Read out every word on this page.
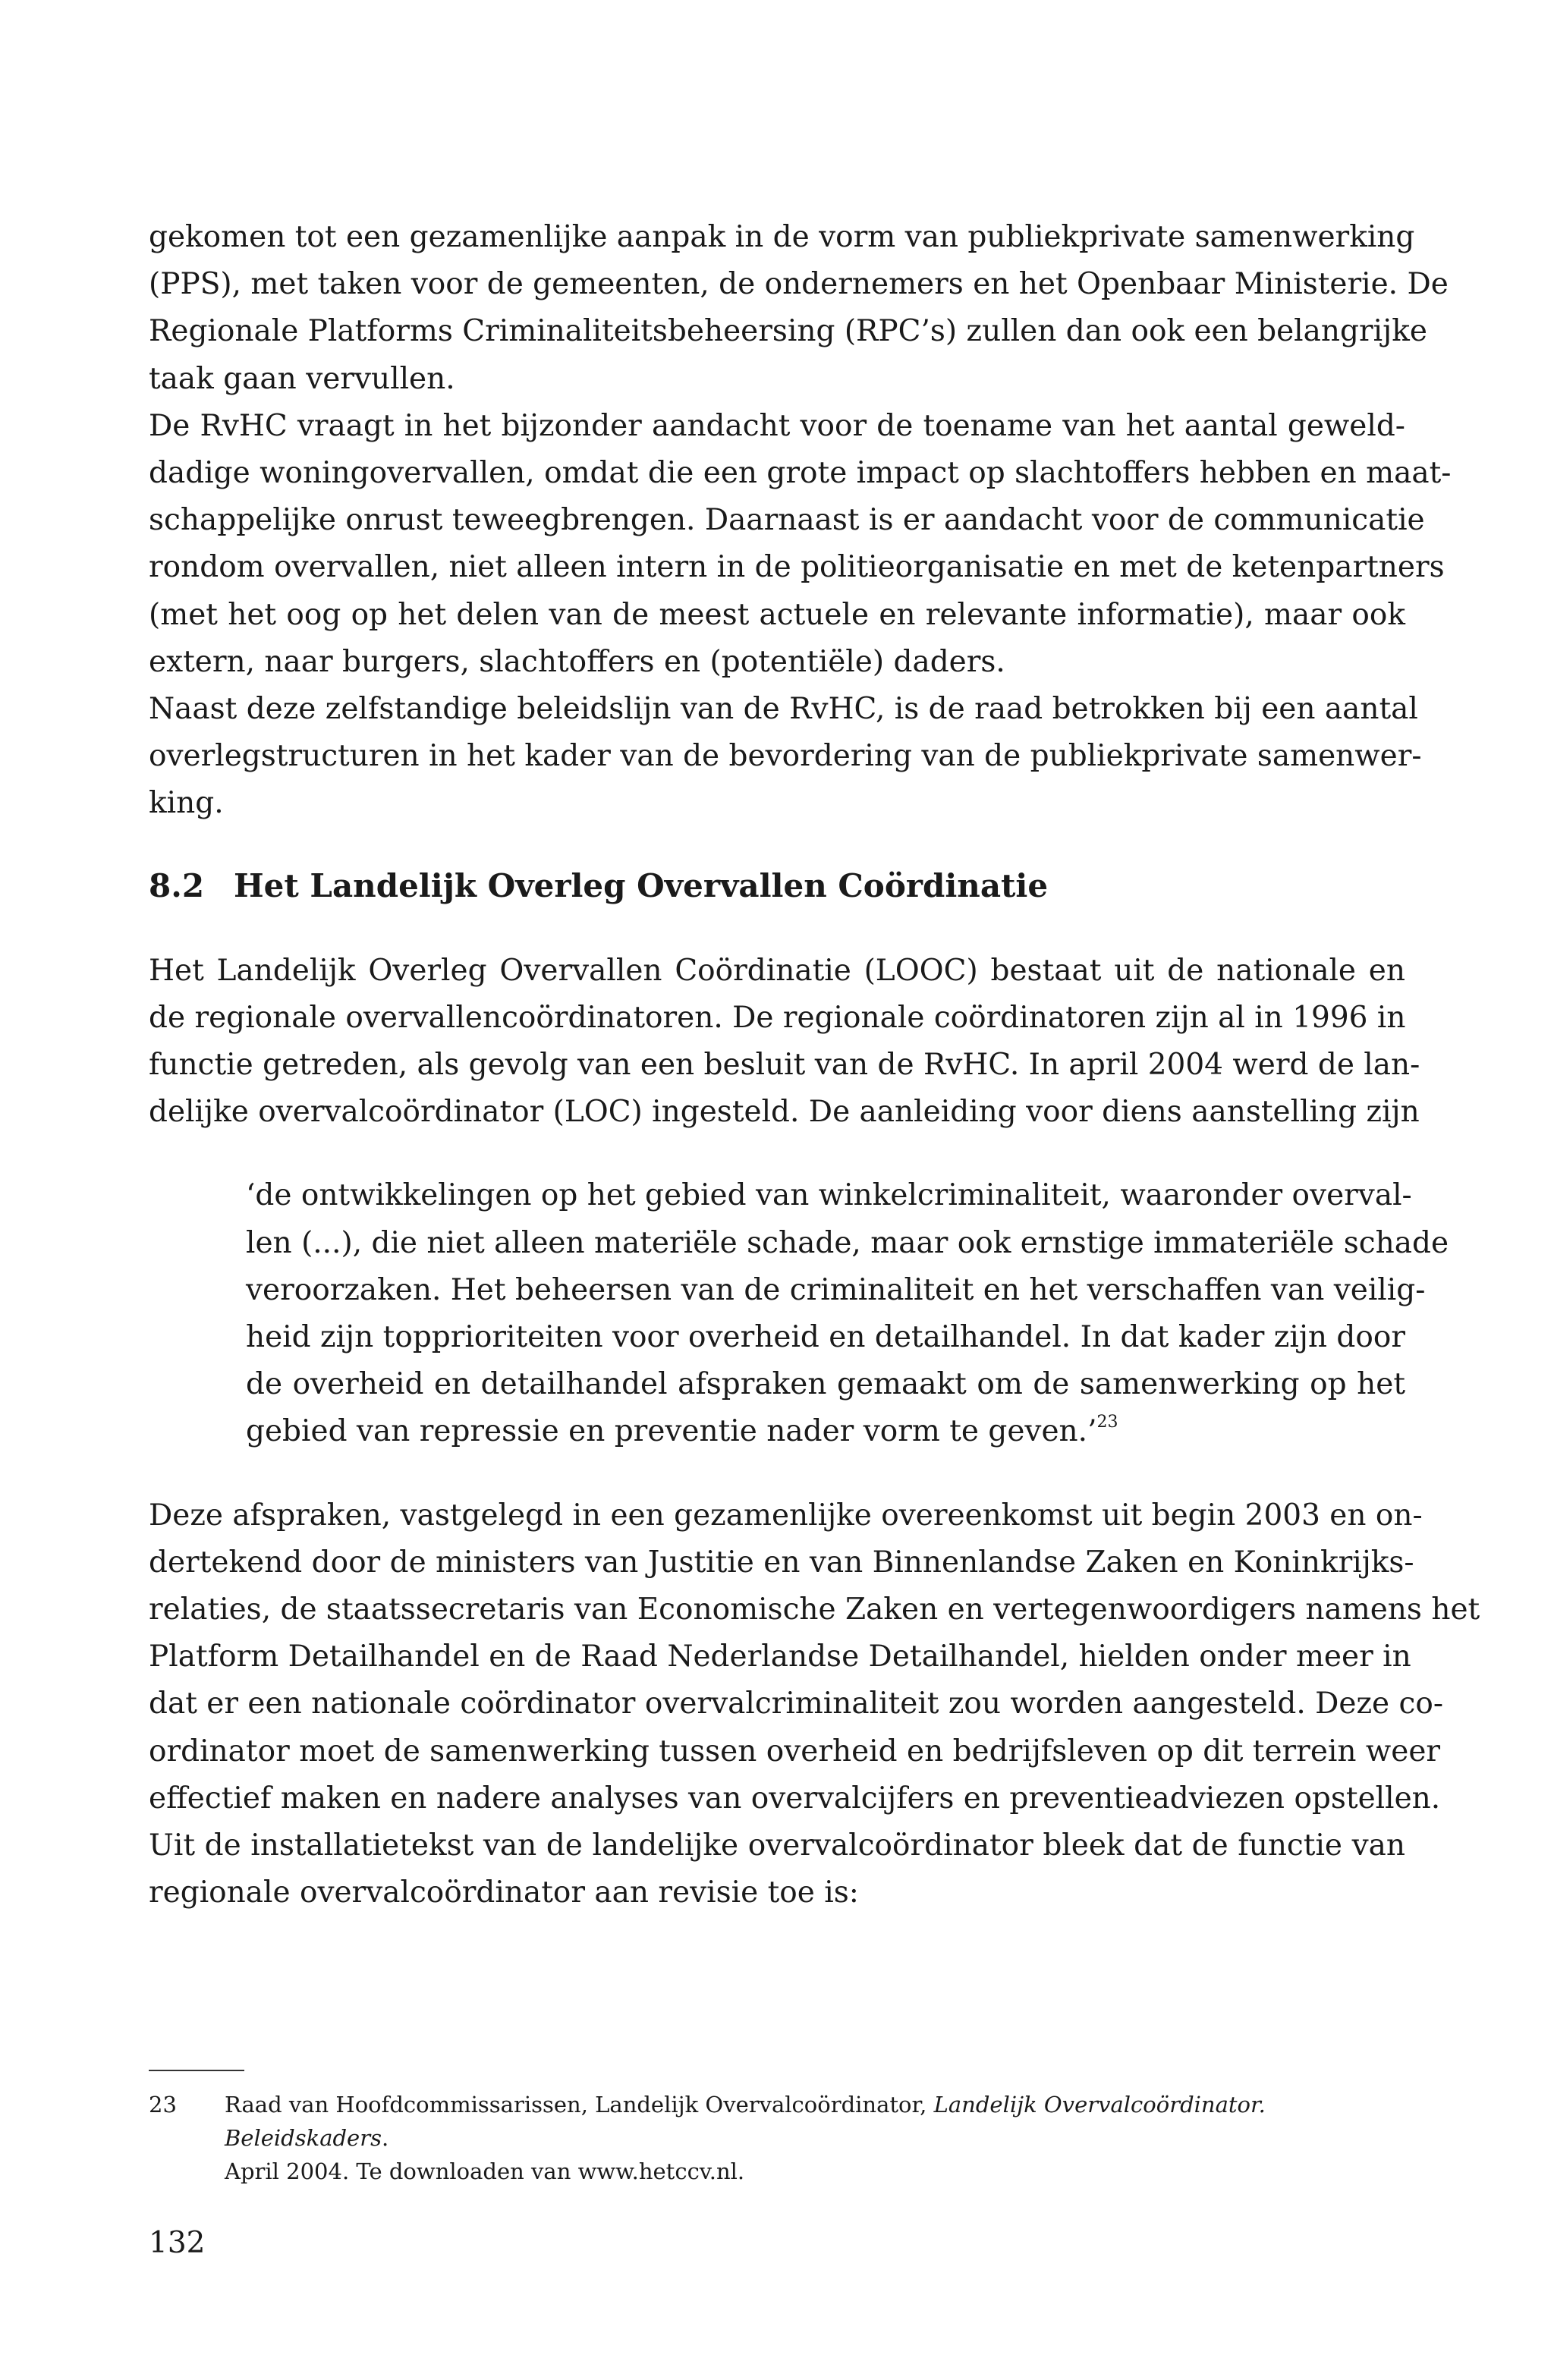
gekomen tot een gezamenlijke aanpak in de vorm van publiekprivate samenwerking
(PPS), met taken voor de gemeenten, de ondernemers en het Openbaar Ministerie. De
Regionale Platforms Criminaliteitsbeheersing (RPC’s) zullen dan ook een belangrijke
taak gaan vervullen.
De RvHC vraagt in het bijzonder aandacht voor de toename van het aantal geweld-
dadige woningovervallen, omdat die een grote impact op slachtoffers hebben en maat-
schappelijke onrust teweegbrengen. Daarnaast is er aandacht voor de communicatie
rondom overvallen, niet alleen intern in de politieorganisatie en met de ketenpartners
(met het oog op het delen van de meest actuele en relevante informatie), maar ook
extern, naar burgers, slachtoffers en (potentiële) daders.
Naast deze zelfstandige beleidslijn van de RvHC, is de raad betrokken bij een aantal
overlegstructuren in het kader van de bevordering van de publiekprivate samenwer-
king.
8.2 Het Landelijk Overleg Overvallen Coördinatie
Het Landelijk Overleg Overvallen Coördinatie (LOOC) bestaat uit de nationale en
de regionale overvallencoördinatoren. De regionale coördinatoren zijn al in 1996 in
functie getreden, als gevolg van een besluit van de RvHC. In april 2004 werd de lan-
delijke overvalcoördinator (LOC) ingesteld. De aanleiding voor diens aanstelling zijn
‘de ontwikkelingen op het gebied van winkelcriminaliteit, waaronder overval-
len (...), die niet alleen materiële schade, maar ook ernstige immateriële schade
veroorzaken. Het beheersen van de criminaliteit en het verschaffen van veilig-
heid zijn topprioriteiten voor overheid en detailhandel. In dat kader zijn door
de overheid en detailhandel afspraken gemaakt om de samenwerking op het
gebied van repressie en preventie nader vorm te geven.’$^{23}$
Deze afspraken, vastgelegd in een gezamenlijke overeenkomst uit begin 2003 en on-
dertekend door de ministers van Justitie en van Binnenlandse Zaken en Koninkrijks-
relaties, de staatssecretaris van Economische Zaken en vertegenwoordigers namens het
Platform Detailhandel en de Raad Nederlandse Detailhandel, hielden onder meer in
dat er een nationale coördinator overvalcriminaliteit zou worden aangesteld. Deze co-
ordinator moet de samenwerking tussen overheid en bedrijfsleven op dit terrein weer
effectief maken en nadere analyses van overvalcijfers en preventieadviezen opstellen.
Uit de installatietekst van de landelijke overvalcoördinator bleek dat de functie van
regionale overvalcoördinator aan revisie toe is:
23	Raad van Hoofdcommissarissen, Landelijk Overvalcoördinator, Landelijk Overvalcoördinator. Beleidskaders.
April 2004. Te downloaden van www.hetccv.nl.
132
